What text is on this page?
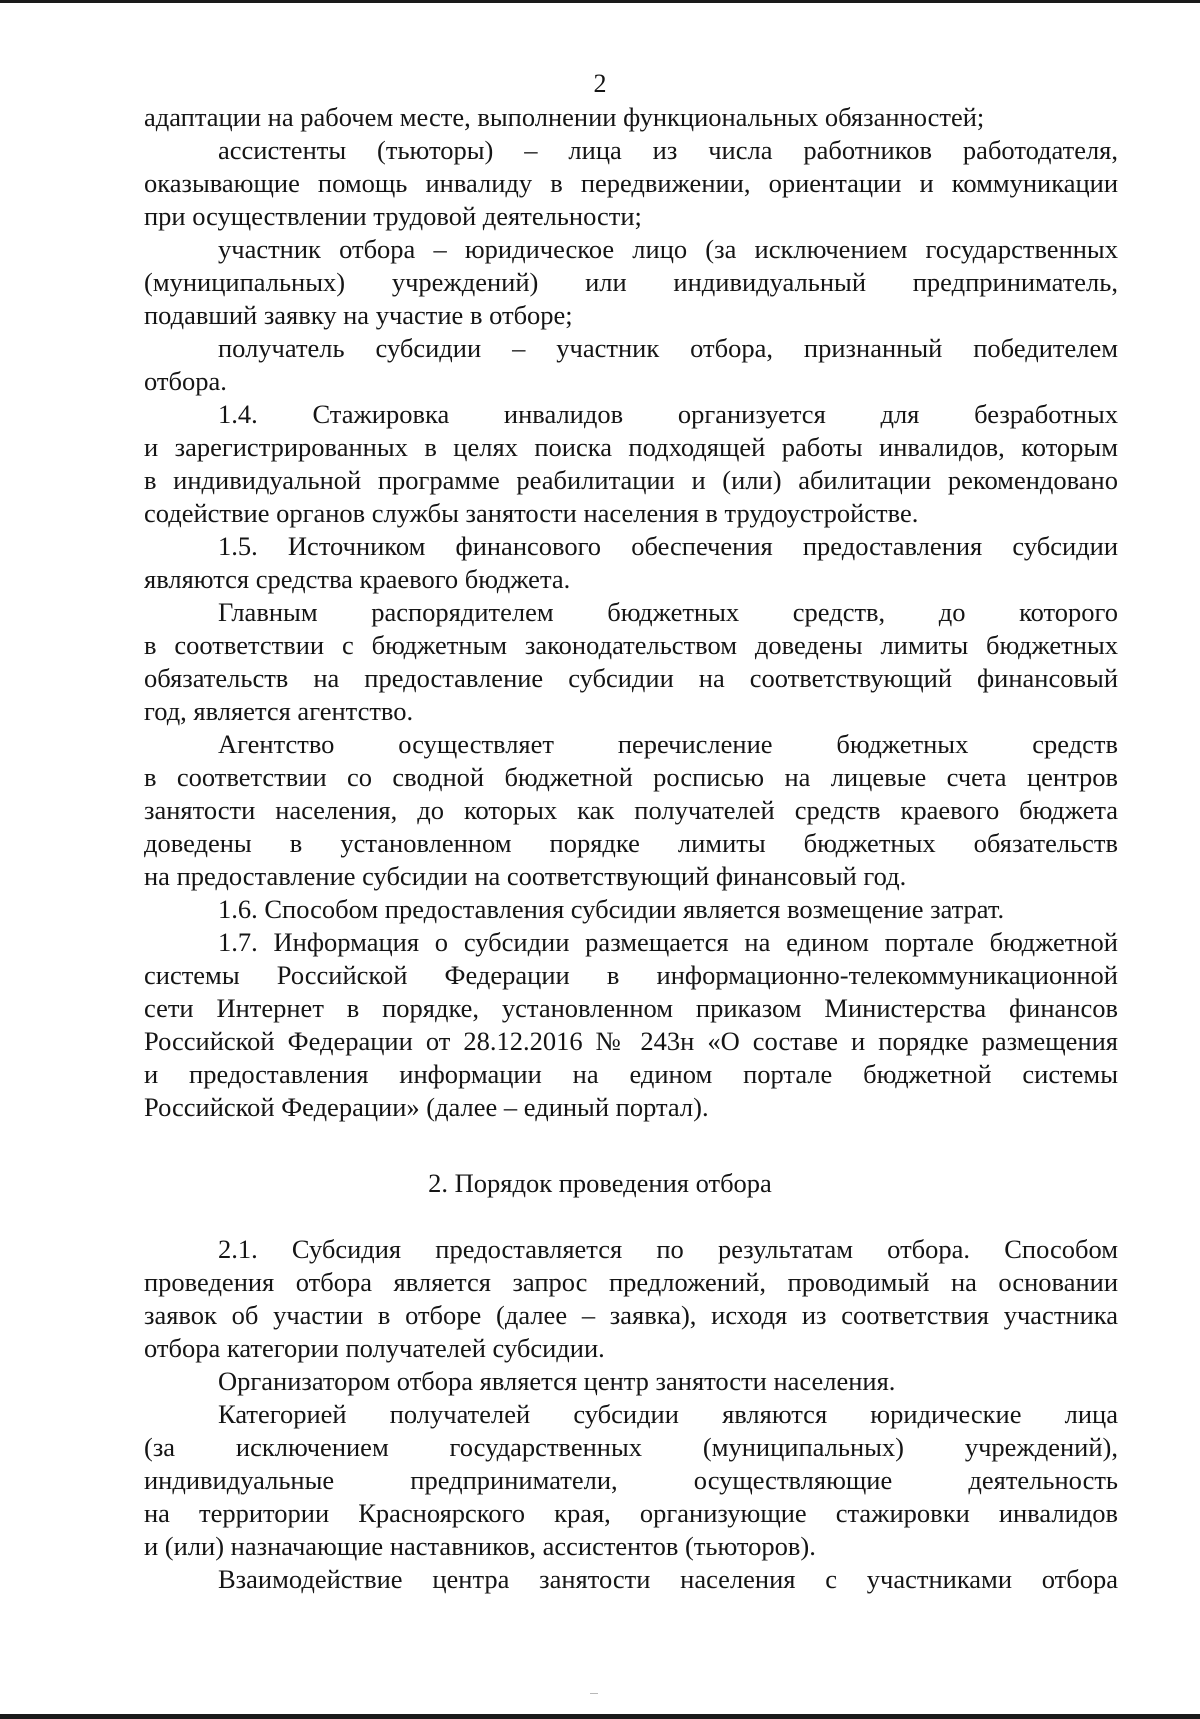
2
адаптации на рабочем месте, выполнении функциональных обязанностей;
ассистенты (тьюторы) – лица из числа работников работодателя,
оказывающие помощь инвалиду в передвижении, ориентации и коммуникации
при осуществлении трудовой деятельности;
участник отбора – юридическое лицо (за исключением государственных
(муниципальных) учреждений) или индивидуальный предприниматель,
подавший заявку на участие в отборе;
получатель субсидии – участник отбора, признанный победителем
отбора.
1.4. Стажировка инвалидов организуется для безработных
и зарегистрированных в целях поиска подходящей работы инвалидов, которым
в индивидуальной программе реабилитации и (или) абилитации рекомендовано
содействие органов службы занятости населения в трудоустройстве.
1.5. Источником финансового обеспечения предоставления субсидии
являются средства краевого бюджета.
Главным распорядителем бюджетных средств, до которого
в соответствии с бюджетным законодательством доведены лимиты бюджетных
обязательств на предоставление субсидии на соответствующий финансовый
год, является агентство.
Агентство осуществляет перечисление бюджетных средств
в соответствии со сводной бюджетной росписью на лицевые счета центров
занятости населения, до которых как получателей средств краевого бюджета
доведены в установленном порядке лимиты бюджетных обязательств
на предоставление субсидии на соответствующий финансовый год.
1.6. Способом предоставления субсидии является возмещение затрат.
1.7. Информация о субсидии размещается на едином портале бюджетной
системы Российской Федерации в информационно-телекоммуникационной
сети Интернет в порядке, установленном приказом Министерства финансов
Российской Федерации от 28.12.2016 № 243н «О составе и порядке размещения
и предоставления информации на едином портале бюджетной системы
Российской Федерации» (далее – единый портал).
2. Порядок проведения отбора
2.1. Субсидия предоставляется по результатам отбора. Способом
проведения отбора является запрос предложений, проводимый на основании
заявок об участии в отборе (далее – заявка), исходя из соответствия участника
отбора категории получателей субсидии.
Организатором отбора является центр занятости населения.
Категорией получателей субсидии являются юридические лица
(за исключением государственных (муниципальных) учреждений),
индивидуальные предприниматели, осуществляющие деятельность
на территории Красноярского края, организующие стажировки инвалидов
и (или) назначающие наставников, ассистентов (тьюторов).
Взаимодействие центра занятости населения с участниками отбора
